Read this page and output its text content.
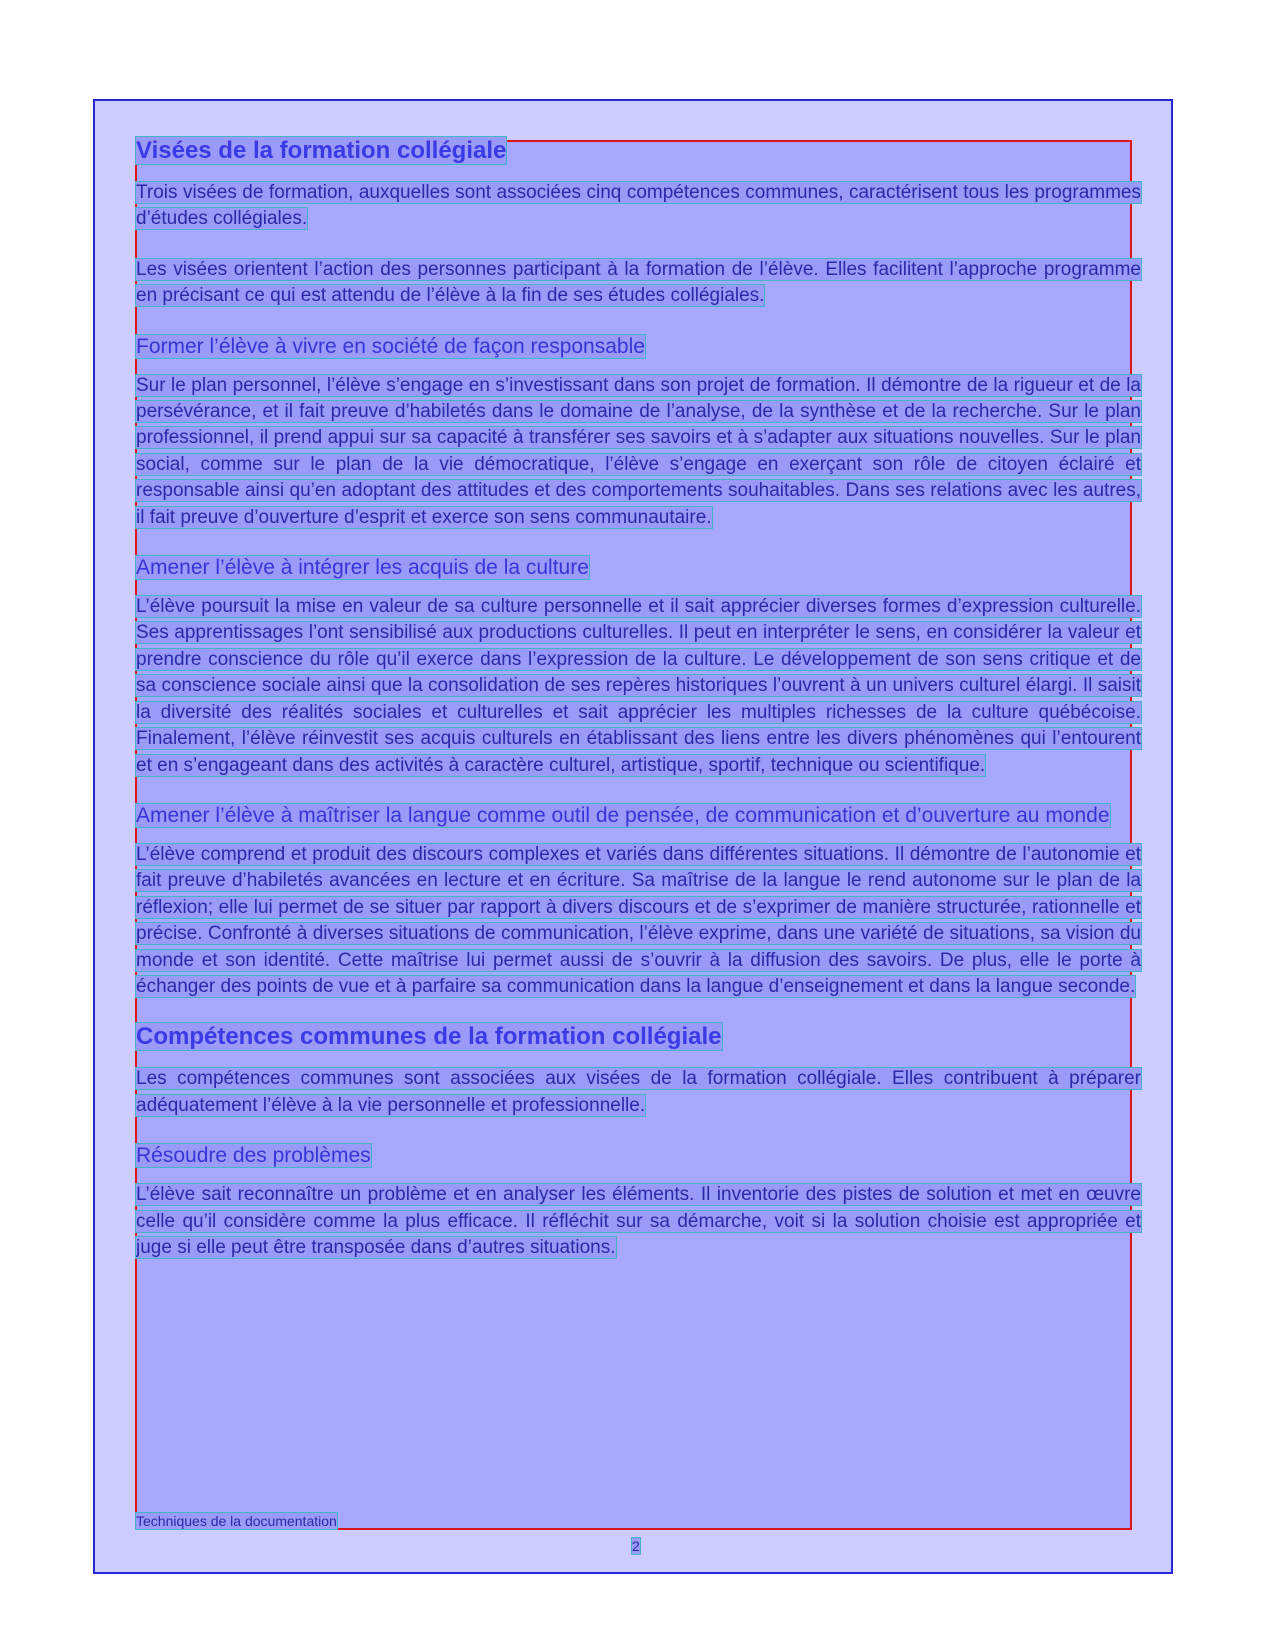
Visées de la formation collégiale

Trois visées de formation, auxquelles sont associées cinq compétences communes, caractérisent tous les programmes d’études collégiales.

Les visées orientent l’action des personnes participant à la formation de l’élève. Elles facilitent l’approche programme en précisant ce qui est attendu de l’élève à la fin de ses études collégiales.

Former l’élève à vivre en société de façon responsable

Sur le plan personnel, l’élève s’engage en s’investissant dans son projet de formation. Il démontre de la rigueur et de la persévérance, et il fait preuve d’habiletés dans le domaine de l’analyse, de la synthèse et de la recherche. Sur le plan professionnel, il prend appui sur sa capacité à transférer ses savoirs et à s’adapter aux situations nouvelles. Sur le plan social, comme sur le plan de la vie démocratique, l’élève s’engage en exerçant son rôle de citoyen éclairé et responsable ainsi qu’en adoptant des attitudes et des comportements souhaitables. Dans ses relations avec les autres, il fait preuve d’ouverture d’esprit et exerce son sens communautaire.

Amener l’élève à intégrer les acquis de la culture

L’élève poursuit la mise en valeur de sa culture personnelle et il sait apprécier diverses formes d’expression culturelle. Ses apprentissages l’ont sensibilisé aux productions culturelles. Il peut en interpréter le sens, en considérer la valeur et prendre conscience du rôle qu’il exerce dans l’expression de la culture. Le développement de son sens critique et de sa conscience sociale ainsi que la consolidation de ses repères historiques l’ouvrent à un univers culturel élargi. Il saisit la diversité des réalités sociales et culturelles et sait apprécier les multiples richesses de la culture québécoise. Finalement, l’élève réinvestit ses acquis culturels en établissant des liens entre les divers phénomènes qui l’entourent et en s’engageant dans des activités à caractère culturel, artistique, sportif, technique ou scientifique.

Amener l’élève à maîtriser la langue comme outil de pensée, de communication et d’ouverture au monde

L’élève comprend et produit des discours complexes et variés dans différentes situations. Il démontre de l’autonomie et fait preuve d’habiletés avancées en lecture et en écriture. Sa maîtrise de la langue le rend autonome sur le plan de la réflexion; elle lui permet de se situer par rapport à divers discours et de s’exprimer de manière structurée, rationnelle et précise. Confronté à diverses situations de communication, l’élève exprime, dans une variété de situations, sa vision du monde et son identité. Cette maîtrise lui permet aussi de s’ouvrir à la diffusion des savoirs. De plus, elle le porte à échanger des points de vue et à parfaire sa communication dans la langue d’enseignement et dans la langue seconde.

Compétences communes de la formation collégiale

Les compétences communes sont associées aux visées de la formation collégiale. Elles contribuent à préparer adéquatement l’élève à la vie personnelle et professionnelle.

Résoudre des problèmes

L’élève sait reconnaître un problème et en analyser les éléments. Il inventorie des pistes de solution et met en œuvre celle qu’il considère comme la plus efficace. Il réfléchit sur sa démarche, voit si la solution choisie est appropriée et juge si elle peut être transposée dans d’autres situations.

Techniques de la documentation
2
